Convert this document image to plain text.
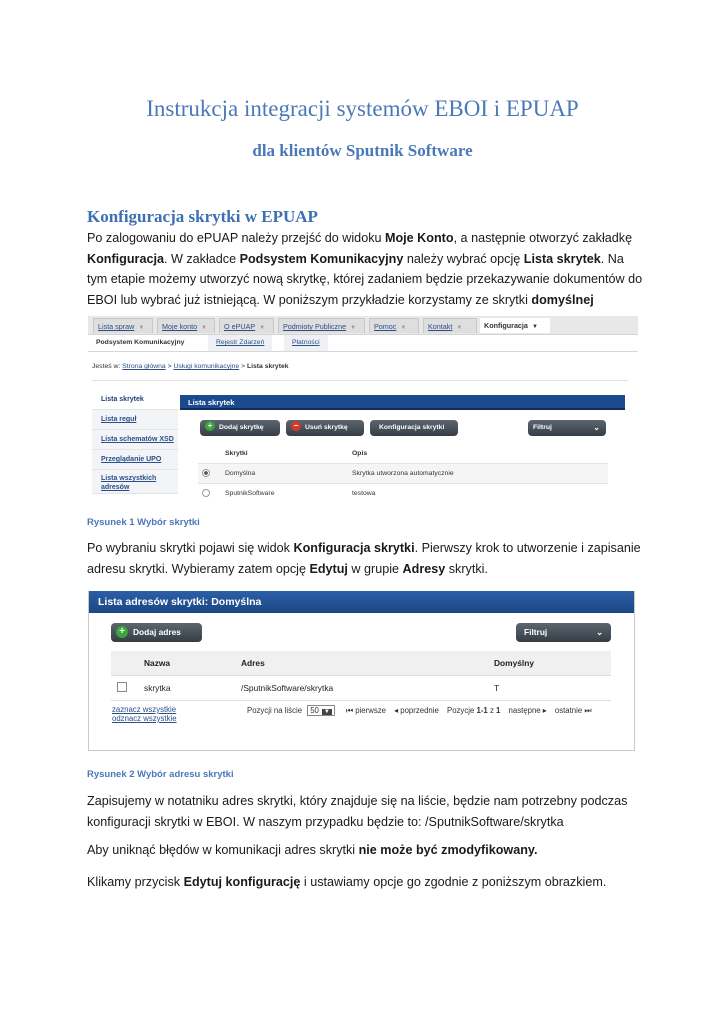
Instrukcja integracji systemów EBOI i EPUAP
dla klientów Sputnik Software
Konfiguracja skrytki w EPUAP

Po zalogowaniu do ePUAP należy przejść do widoku Moje Konto, a następnie otworzyć zakładkę Konfiguracja. W zakładce Podsystem Komunikacyjny należy wybrać opcję Lista skrytek. Na tym etapie możemy utworzyć nową skrytkę, której zadaniem będzie przekazywanie dokumentów do EBOI lub wybrać już istniejącą. W poniższym przykładzie korzystamy ze skrytki domyślnej

Lista spraw ▼	Moje konto ▼	O ePUAP ▼	Podmioty Publiczne ▼	Pomoc ▼	Kontakt ▼	Konfiguracja ▼
Podsystem Komunikacyjny	Rejestr Zdarzeń	Płatności
Jesteś w: Strona główna > Usługi komunikacyjne > Lista skrytek
Lista skrytek
Lista reguł
Lista schematów XSD
Przeglądanie UPO
Lista wszystkich adresów
Lista skrytek
+ Dodaj skrytkę	− Usuń skrytkę	Konfiguracja skrytki	Filtruj	⌄
	Skrytki	Opis
	Domyślna	Skrytka utworzona automatycznie
	SputnikSoftware	testowa

Rysunek 1 Wybór skrytki

Po wybraniu skrytki pojawi się widok Konfiguracja skrytki. Pierwszy krok to utworzenie i zapisanie adresu skrytki. Wybieramy zatem opcję Edytuj w grupie Adresy skrytki.

Lista adresów skrytki: Domyślna
+ Dodaj adres	Filtruj	⌄
	Nazwa	Adres	Domyślny
	skrytka	/SputnikSoftware/skrytka	T
zaznacz wszystkie
odznacz wszystkie
Pozycji na liście 50 ▼ ⏮ pierwsze ◂ poprzednie Pozycje 1-1 z 1 następne ▸ ostatnie ⏭

Rysunek 2 Wybór adresu skrytki

Zapisujemy w notatniku adres skrytki, który znajduje się na liście, będzie nam potrzebny podczas konfiguracji skrytki w EBOI. W naszym przypadku będzie to: /SputnikSoftware/skrytka

Aby uniknąć błędów w komunikacji adres skrytki nie może być zmodyfikowany.

Klikamy przycisk Edytuj konfigurację i ustawiamy opcje go zgodnie z poniższym obrazkiem.
